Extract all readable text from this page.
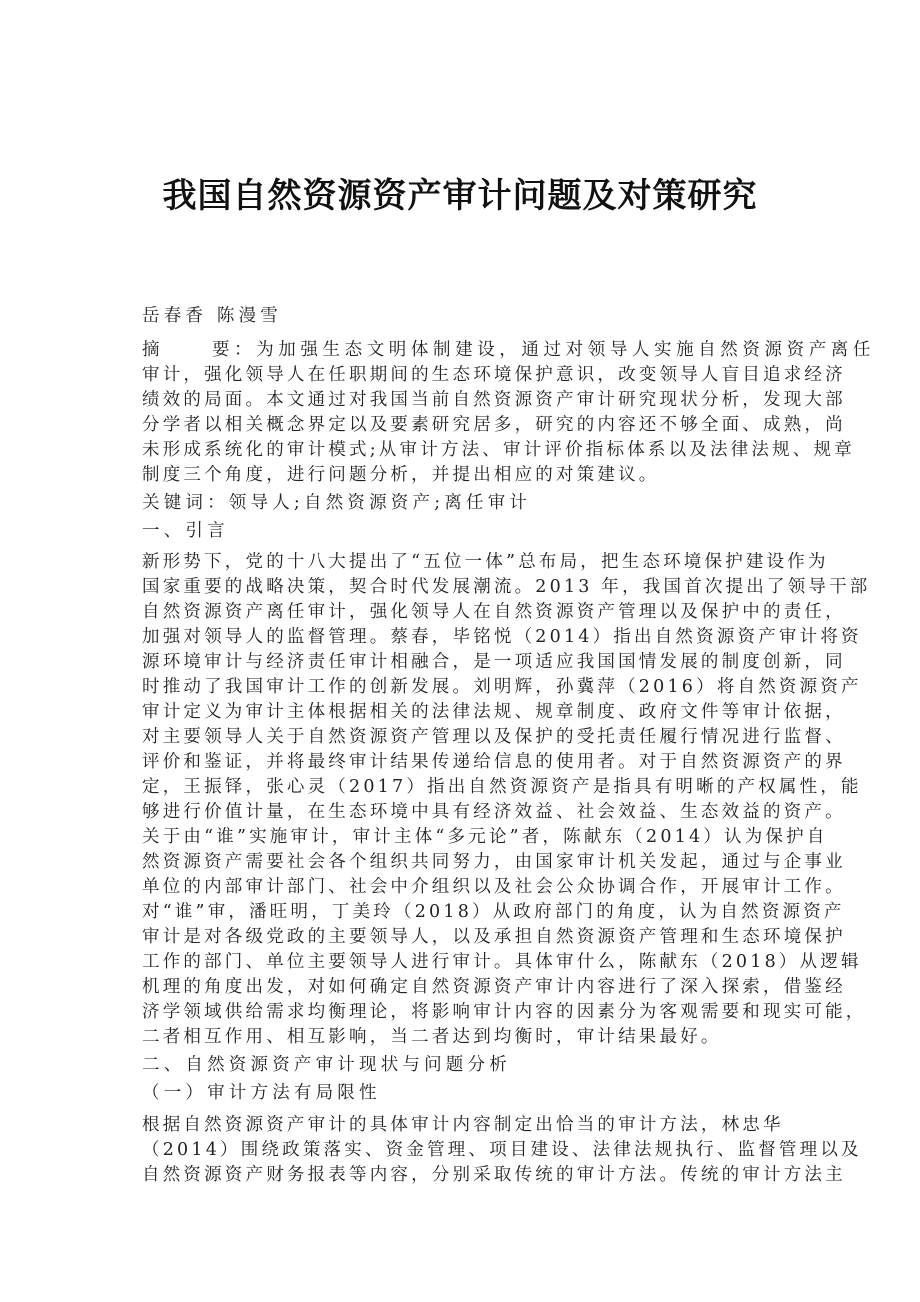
我国自然资源资产审计问题及对策研究
岳春香 陈漫雪
摘	要：为加强生态文明体制建设，通过对领导人实施自然资源资产离任
审计，强化领导人在任职期间的生态环境保护意识，改变领导人盲目追求经济
绩效的局面。本文通过对我国当前自然资源资产审计研究现状分析，发现大部
分学者以相关概念界定以及要素研究居多，研究的内容还不够全面、成熟，尚
未形成系统化的审计模式;从审计方法、审计评价指标体系以及法律法规、规章
制度三个角度，进行问题分析，并提出相应的对策建议。
关键词：领导人;自然资源资产;离任审计
一、引言
新形势下，党的十八大提出了“五位一体”总布局，把生态环境保护建设作为
国家重要的战略决策，契合时代发展潮流。2013 年，我国首次提出了领导干部
自然资源资产离任审计，强化领导人在自然资源资产管理以及保护中的责任，
加强对领导人的监督管理。蔡春，毕铭悦（2014）指出自然资源资产审计将资
源环境审计与经济责任审计相融合，是一项适应我国国情发展的制度创新，同
时推动了我国审计工作的创新发展。刘明辉，孙冀萍（2016）将自然资源资产
审计定义为审计主体根据相关的法律法规、规章制度、政府文件等审计依据，
对主要领导人关于自然资源资产管理以及保护的受托责任履行情况进行监督、
评价和鉴证，并将最终审计结果传递给信息的使用者。对于自然资源资产的界
定，王振铎，张心灵（2017）指出自然资源资产是指具有明晰的产权属性，能
够进行价值计量，在生态环境中具有经济效益、社会效益、生态效益的资产。
关于由“谁”实施审计，审计主体“多元论”者，陈献东（2014）认为保护自
然资源资产需要社会各个组织共同努力，由国家审计机关发起，通过与企事业
单位的内部审计部门、社会中介组织以及社会公众协调合作，开展审计工作。
对“谁”审，潘旺明，丁美玲（2018）从政府部门的角度，认为自然资源资产
审计是对各级党政的主要领导人，以及承担自然资源资产管理和生态环境保护
工作的部门、单位主要领导人进行审计。具体审什么，陈献东（2018）从逻辑
机理的角度出发，对如何确定自然资源资产审计内容进行了深入探索，借鉴经
济学领域供给需求均衡理论，将影响审计内容的因素分为客观需要和现实可能，
二者相互作用、相互影响，当二者达到均衡时，审计结果最好。
二、自然资源资产审计现状与问题分析
（一）审计方法有局限性
根据自然资源资产审计的具体审计内容制定出恰当的审计方法，林忠华
（2014）围绕政策落实、资金管理、项目建设、法律法规执行、监督管理以及
自然资源资产财务报表等内容，分别采取传统的审计方法。传统的审计方法主
